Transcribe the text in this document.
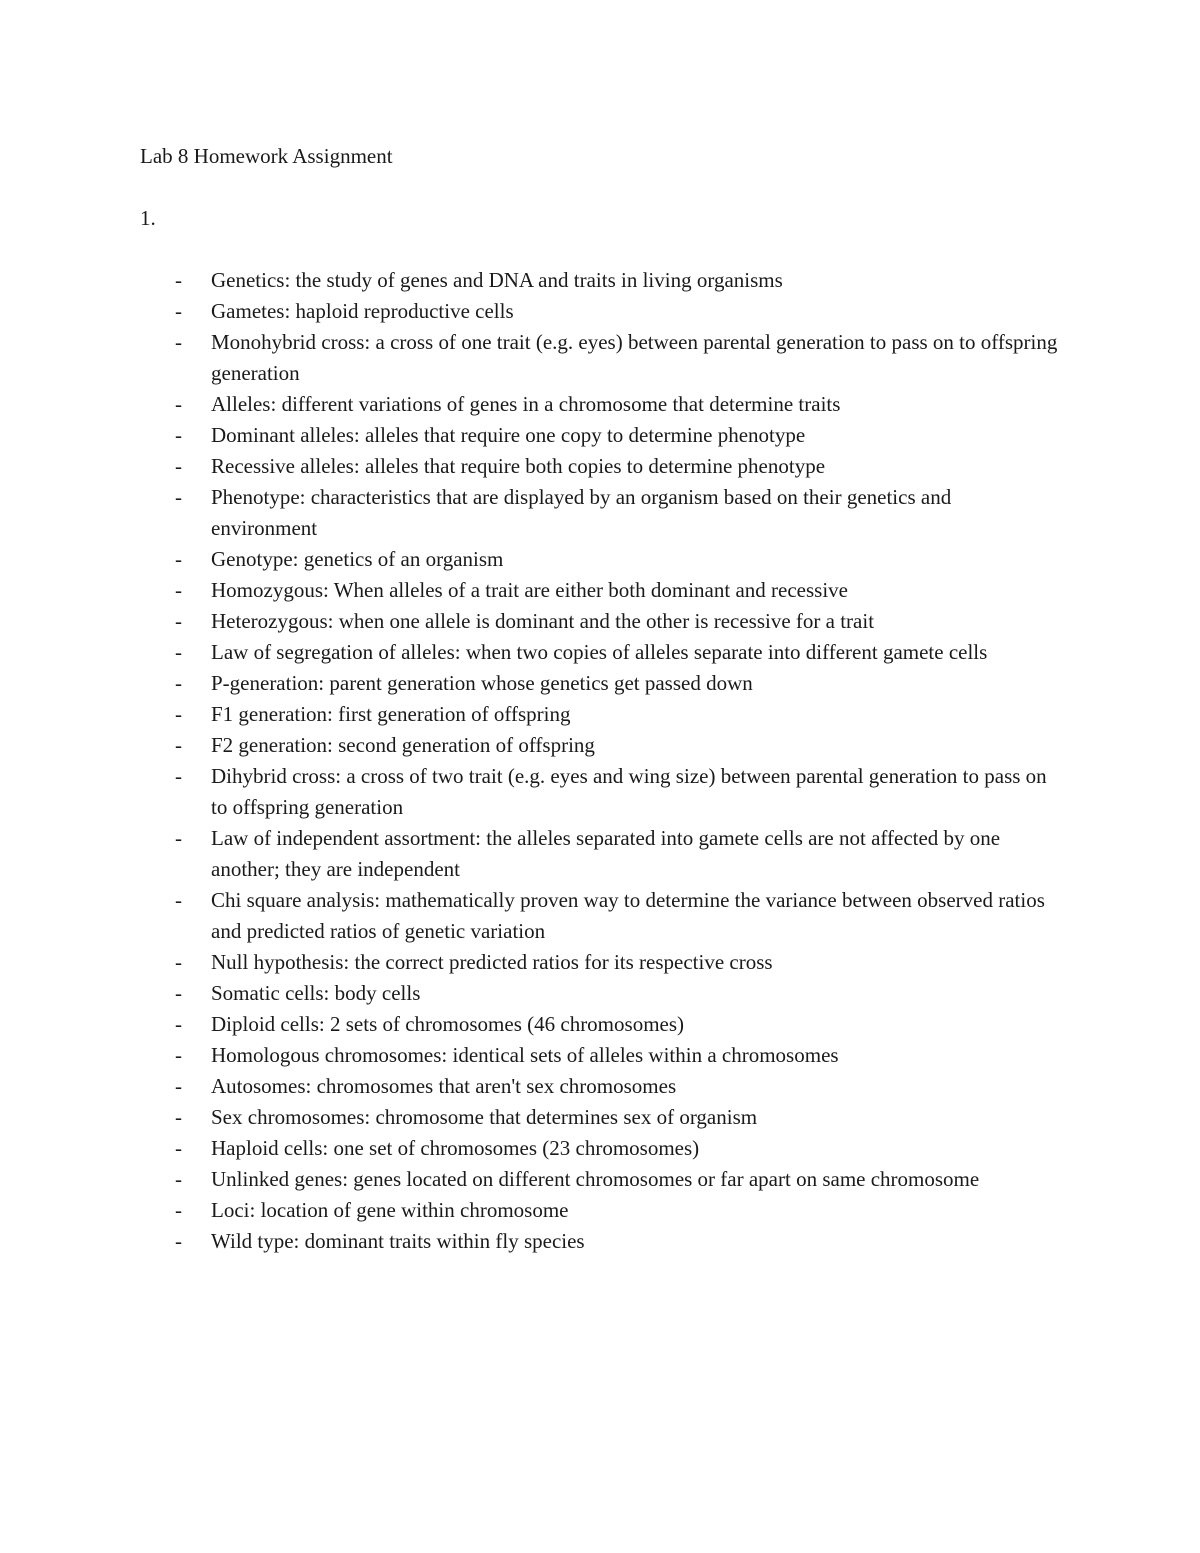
Lab 8 Homework Assignment
1.
- Genetics: the study of genes and DNA and traits in living organisms
- Gametes: haploid reproductive cells
- Monohybrid cross: a cross of one trait (e.g. eyes) between parental generation to pass on to offspring generation
- Alleles: different variations of genes in a chromosome that determine traits
- Dominant alleles: alleles that require one copy to determine phenotype
- Recessive alleles: alleles that require both copies to determine phenotype
- Phenotype: characteristics that are displayed by an organism based on their genetics and environment
- Genotype: genetics of an organism
- Homozygous: When alleles of a trait are either both dominant and recessive
- Heterozygous: when one allele is dominant and the other is recessive for a trait
- Law of segregation of alleles: when two copies of alleles separate into different gamete cells
- P-generation: parent generation whose genetics get passed down
- F1 generation: first generation of offspring
- F2 generation: second generation of offspring
- Dihybrid cross: a cross of two trait (e.g. eyes and wing size) between parental generation to pass on to offspring generation
- Law of independent assortment: the alleles separated into gamete cells are not affected by one another; they are independent
- Chi square analysis: mathematically proven way to determine the variance between observed ratios and predicted ratios of genetic variation
- Null hypothesis: the correct predicted ratios for its respective cross
- Somatic cells: body cells
- Diploid cells: 2 sets of chromosomes (46 chromosomes)
- Homologous chromosomes: identical sets of alleles within a chromosomes
- Autosomes: chromosomes that aren't sex chromosomes
- Sex chromosomes: chromosome that determines sex of organism
- Haploid cells: one set of chromosomes (23 chromosomes)
- Unlinked genes: genes located on different chromosomes or far apart on same chromosome
- Loci: location of gene within chromosome
- Wild type: dominant traits within fly species
